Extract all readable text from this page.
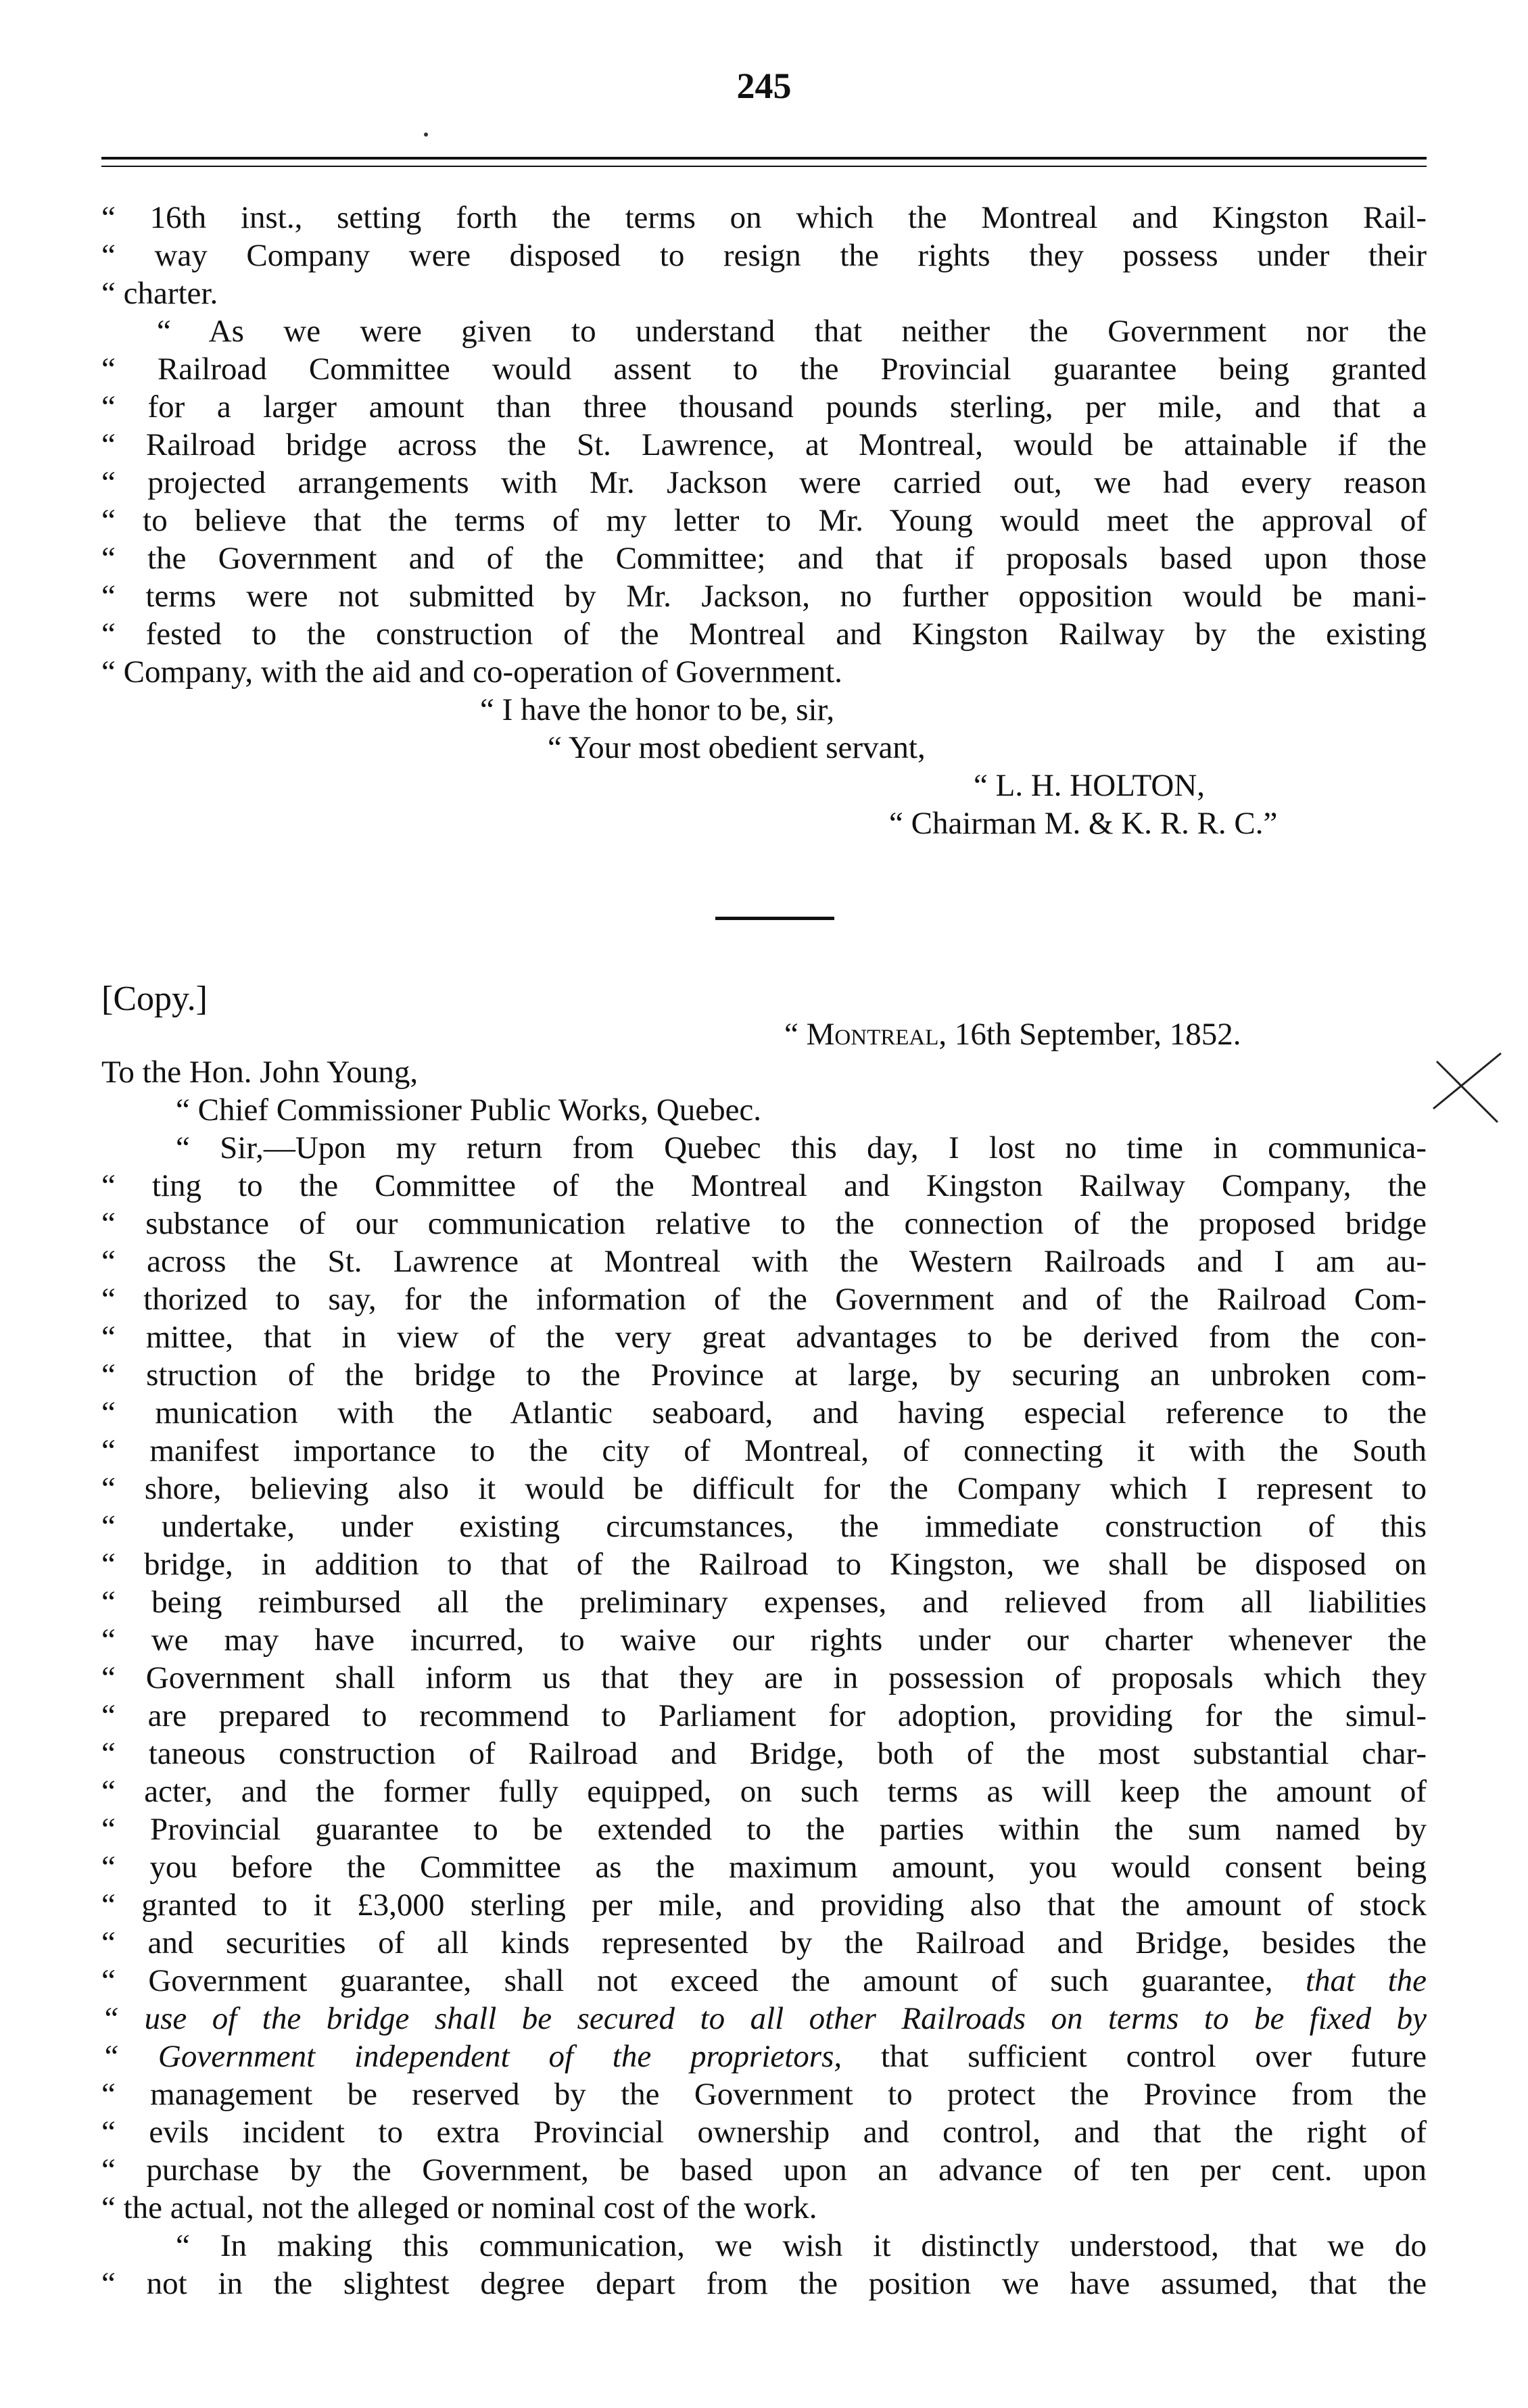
245
“ 16th inst., setting forth the terms on which the Montreal and Kingston Rail-
“ way Company were disposed to resign the rights they possess under their
“ charter.
“ As we were given to understand that neither the Government nor the
“ Railroad Committee would assent to the Provincial guarantee being granted
“ for a larger amount than three thousand pounds sterling, per mile, and that a
“ Railroad bridge across the St. Lawrence, at Montreal, would be attainable if the
“ projected arrangements with Mr. Jackson were carried out, we had every reason
“ to believe that the terms of my letter to Mr. Young would meet the approval of
“ the Government and of the Committee; and that if proposals based upon those
“ terms were not submitted by Mr. Jackson, no further opposition would be mani-
“ fested to the construction of the Montreal and Kingston Railway by the existing
“ Company, with the aid and co-operation of Government.
“ I have the honor to be, sir,
“ Your most obedient servant,
“ L. H. HOLTON,
“ Chairman M. & K. R. R. C.”
[Copy.]
“ Montreal, 16th September, 1852.
To the Hon. John Young,
“ Chief Commissioner Public Works, Quebec.
“ Sir,—Upon my return from Quebec this day, I lost no time in communica-
“ ting to the Committee of the Montreal and Kingston Railway Company, the
“ substance of our communication relative to the connection of the proposed bridge
“ across the St. Lawrence at Montreal with the Western Railroads and I am au-
“ thorized to say, for the information of the Government and of the Railroad Com-
“ mittee, that in view of the very great advantages to be derived from the con-
“ struction of the bridge to the Province at large, by securing an unbroken com-
“ munication with the Atlantic seaboard, and having especial reference to the
“ manifest importance to the city of Montreal, of connecting it with the South
“ shore, believing also it would be difficult for the Company which I represent to
“ undertake, under existing circumstances, the immediate construction of this
“ bridge, in addition to that of the Railroad to Kingston, we shall be disposed on
“ being reimbursed all the preliminary expenses, and relieved from all liabilities
“ we may have incurred, to waive our rights under our charter whenever the
“ Government shall inform us that they are in possession of proposals which they
“ are prepared to recommend to Parliament for adoption, providing for the simul-
“ taneous construction of Railroad and Bridge, both of the most substantial char-
“ acter, and the former fully equipped, on such terms as will keep the amount of
“ Provincial guarantee to be extended to the parties within the sum named by
“ you before the Committee as the maximum amount, you would consent being
“ granted to it £3,000 sterling per mile, and providing also that the amount of stock
“ and securities of all kinds represented by the Railroad and Bridge, besides the
“ Government guarantee, shall not exceed the amount of such guarantee, that the
“ use of the bridge shall be secured to all other Railroads on terms to be fixed by
“ Government independent of the proprietors, that sufficient control over future
“ management be reserved by the Government to protect the Province from the
“ evils incident to extra Provincial ownership and control, and that the right of
“ purchase by the Government, be based upon an advance of ten per cent. upon
“ the actual, not the alleged or nominal cost of the work.
“ In making this communication, we wish it distinctly understood, that we do
“ not in the slightest degree depart from the position we have assumed, that the
